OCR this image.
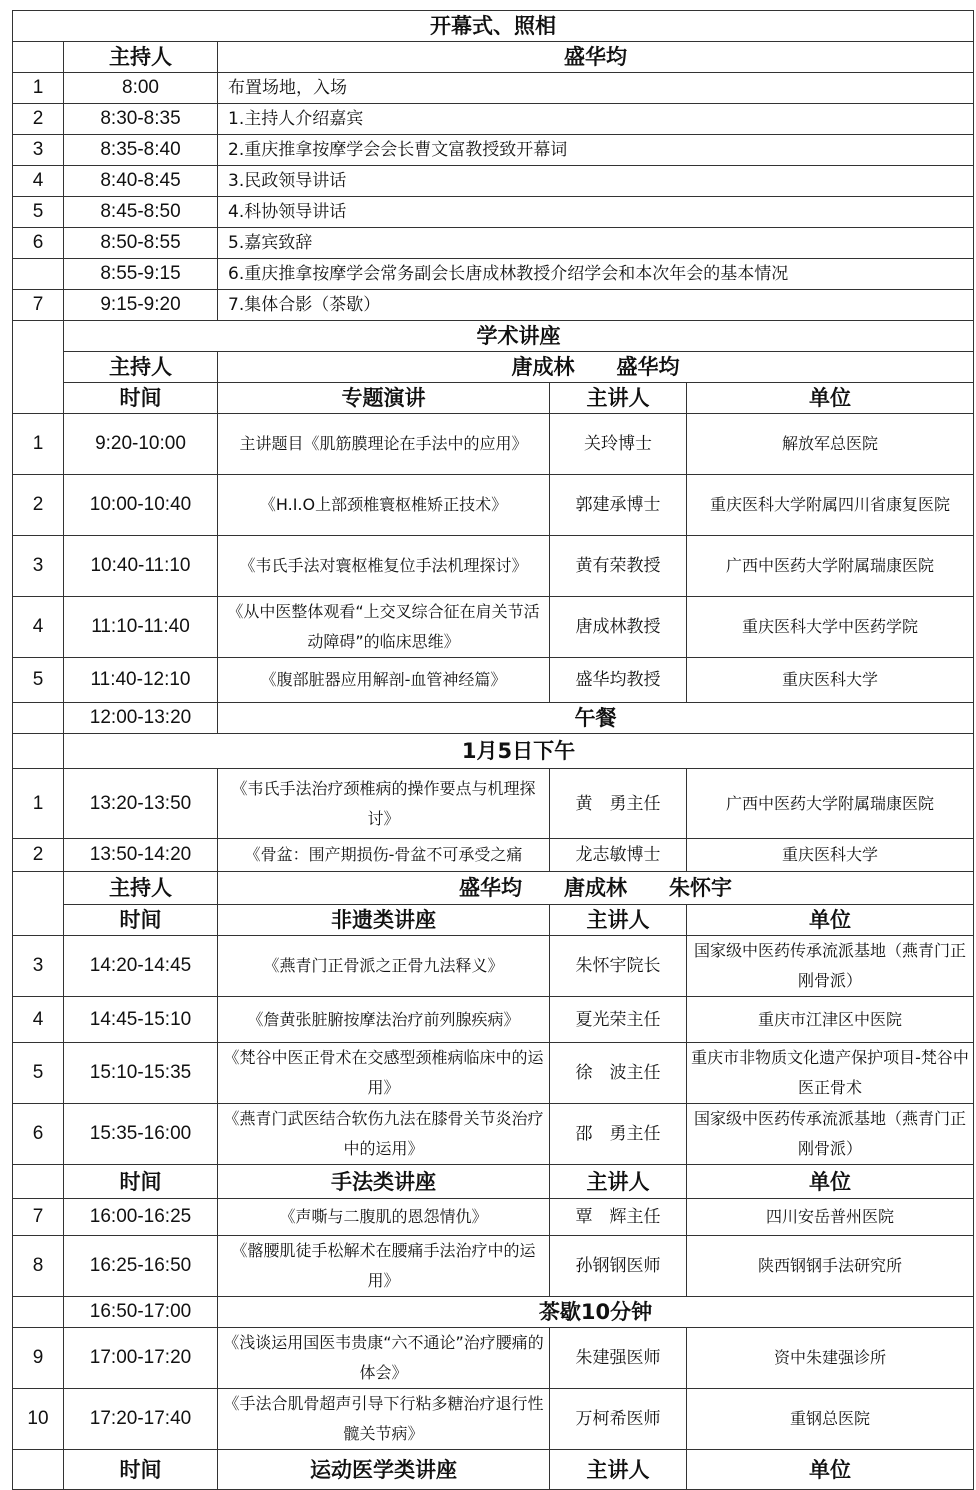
开幕式、照相				
	主持人	盛华均		
1	8:00	布置场地，入场		
2	8:30-8:35	1.主持人介绍嘉宾		
3	8:35-8:40	2.重庆推拿按摩学会会长曹文富教授致开幕词		
4	8:40-8:45	3.民政领导讲话		
5	8:45-8:50	4.科协领导讲话		
6	8:50-8:55	5.嘉宾致辞		
	8:55-9:15	6.重庆推拿按摩学会常务副会长唐成林教授介绍学会和本次年会的基本情况		
7	9:15-9:20	7.集体合影（茶歇）		
	学术讲座			
	主持人	唐成林　　盛华均		
	时间	专题演讲	主讲人	单位
1	9:20-10:00	主讲题目《肌筋膜理论在手法中的应用》	关玲博士	解放军总医院
2	10:00-10:40	《H.I.O上部颈椎寰枢椎矫正技术》	郭建承博士	重庆医科大学附属四川省康复医院
3	10:40-11:10	《韦氏手法对寰枢椎复位手法机理探讨》	黄有荣教授	广西中医药大学附属瑞康医院
4	11:10-11:40	《从中医整体观看“上交叉综合征在肩关节活动障碍”的临床思维》	唐成林教授	重庆医科大学中医药学院
5	11:40-12:10	《腹部脏器应用解剖-血管神经篇》	盛华均教授	重庆医科大学
	12:00-13:20	午餐		
	1月5日下午			
1	13:20-13:50	《韦氏手法治疗颈椎病的操作要点与机理探讨》	黄　勇主任	广西中医药大学附属瑞康医院
2	13:50-14:20	《骨盆：围产期损伤-骨盆不可承受之痛	龙志敏博士	重庆医科大学
	主持人	盛华均　　唐成林　　朱怀宇		
	时间	非遗类讲座	主讲人	单位
3	14:20-14:45	《燕青门正骨派之正骨九法释义》	朱怀宇院长	国家级中医药传承流派基地（燕青门正刚骨派）
4	14:45-15:10	《詹黄张脏腑按摩法治疗前列腺疾病》	夏光荣主任	重庆市江津区中医院
5	15:10-15:35	《梵谷中医正骨术在交感型颈椎病临床中的运用》	徐　波主任	重庆市非物质文化遗产保护项目-梵谷中医正骨术
6	15:35-16:00	《燕青门武医结合软伤九法在膝骨关节炎治疗中的运用》	邵　勇主任	国家级中医药传承流派基地（燕青门正刚骨派）
	时间	手法类讲座	主讲人	单位
7	16:00-16:25	《声嘶与二腹肌的恩怨情仇》	覃　辉主任	四川安岳普州医院
8	16:25-16:50	《髂腰肌徒手松解术在腰痛手法治疗中的运用》	孙钢钢医师	陕西钢钢手法研究所
	16:50-17:00	茶歇10分钟		
9	17:00-17:20	《浅谈运用国医韦贵康“六不通论”治疗腰痛的体会》	朱建强医师	资中朱建强诊所
10	17:20-17:40	《手法合肌骨超声引导下行粘多糖治疗退行性髋关节病》	万柯希医师	重钢总医院
	时间	运动医学类讲座	主讲人	单位
